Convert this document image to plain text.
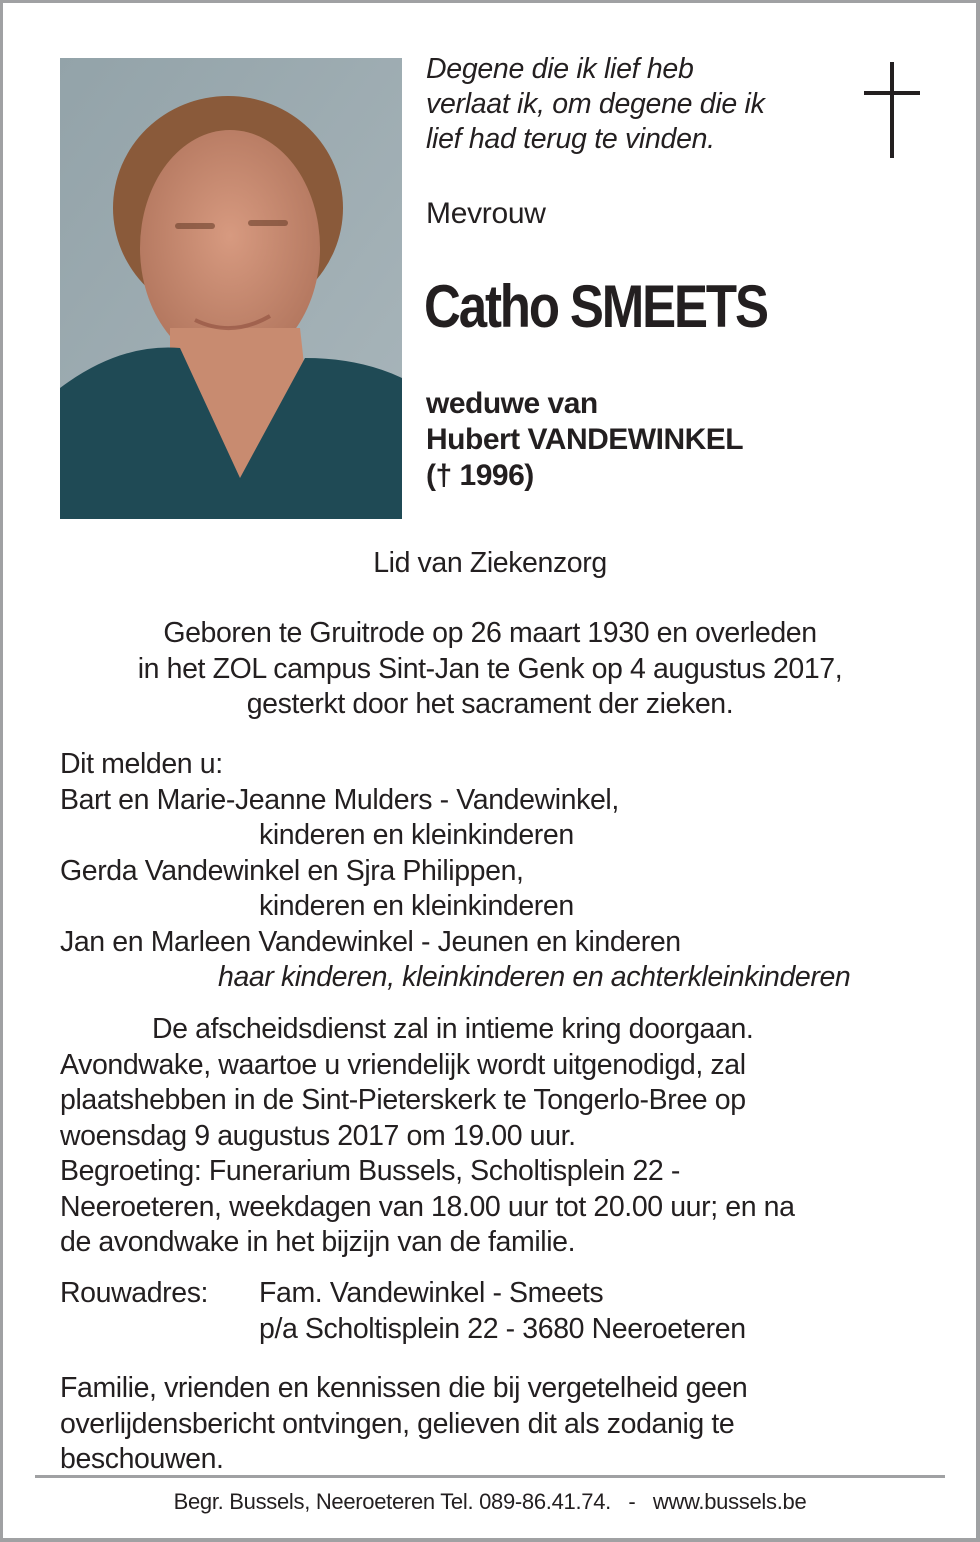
Degene die ik lief heb
verlaat ik, om degene die ik
lief had terug te vinden.
Mevrouw
Catho SMEETS
weduwe van
Hubert VANDEWINKEL
(† 1996)
Lid van Ziekenzorg
Geboren te Gruitrode op 26 maart 1930 en overleden
in het ZOL campus Sint-Jan te Genk op 4 augustus 2017,
gesterkt door het sacrament der zieken.
Dit melden u:
Bart en Marie-Jeanne Mulders - Vandewinkel,
kinderen en kleinkinderen
Gerda Vandewinkel en Sjra Philippen,
kinderen en kleinkinderen
Jan en Marleen Vandewinkel - Jeunen en kinderen
haar kinderen, kleinkinderen en achterkleinkinderen
De afscheidsdienst zal in intieme kring doorgaan.
Avondwake, waartoe u vriendelijk wordt uitgenodigd, zal
plaatshebben in de Sint-Pieterskerk te Tongerlo-Bree op
woensdag 9 augustus 2017 om 19.00 uur.
Begroeting: Funerarium Bussels, Scholtisplein 22 -
Neeroeteren, weekdagen van 18.00 uur tot 20.00 uur; en na
de avondwake in het bijzijn van de familie.
Rouwadres:	Fam. Vandewinkel - Smeets
p/a Scholtisplein 22 - 3680 Neeroeteren
Familie, vrienden en kennissen die bij vergetelheid geen
overlijdensbericht ontvingen, gelieven dit als zodanig te
beschouwen.
Begr. Bussels, Neeroeteren Tel. 089-86.41.74.   -   www.bussels.be
